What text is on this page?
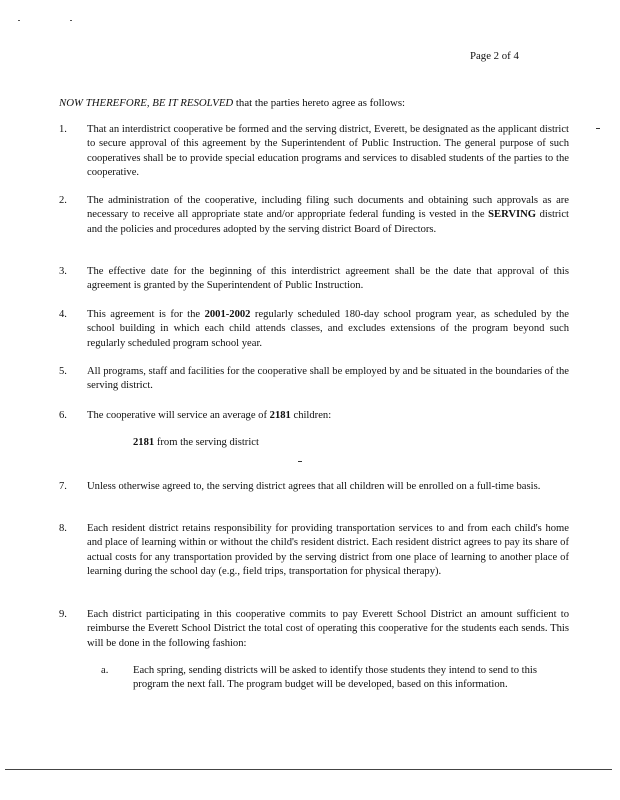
Page 2 of 4
NOW THEREFORE, BE IT RESOLVED that the parties hereto agree as follows:
1.	That an interdistrict cooperative be formed and the serving district, Everett, be designated as the applicant district to secure approval of this agreement by the Superintendent of Public Instruction. The general purpose of such cooperatives shall be to provide special education programs and services to disabled students of the parties to the cooperative.
2.	The administration of the cooperative, including filing such documents and obtaining such approvals as are necessary to receive all appropriate state and/or appropriate federal funding is vested in the SERVING district and the policies and procedures adopted by the serving district Board of Directors.
3.	The effective date for the beginning of this interdistrict agreement shall be the date that approval of this agreement is granted by the Superintendent of Public Instruction.
4.	This agreement is for the 2001-2002 regularly scheduled 180-day school program year, as scheduled by the school building in which each child attends classes, and excludes extensions of the program beyond such regularly scheduled program school year.
5.	All programs, staff and facilities for the cooperative shall be employed by and be situated in the boundaries of the serving district.
6.	The cooperative will service an average of 2181 children:
2181 from the serving district
7.	Unless otherwise agreed to, the serving district agrees that all children will be enrolled on a full-time basis.
8.	Each resident district retains responsibility for providing transportation services to and from each child's home and place of learning within or without the child's resident district. Each resident district agrees to pay its share of actual costs for any transportation provided by the serving district from one place of learning to another place of learning during the school day (e.g., field trips, transportation for physical therapy).
9.	Each district participating in this cooperative commits to pay Everett School District an amount sufficient to reimburse the Everett School District the total cost of operating this cooperative for the students each sends. This will be done in the following fashion:
a.	Each spring, sending districts will be asked to identify those students they intend to send to this program the next fall. The program budget will be developed, based on this information.
